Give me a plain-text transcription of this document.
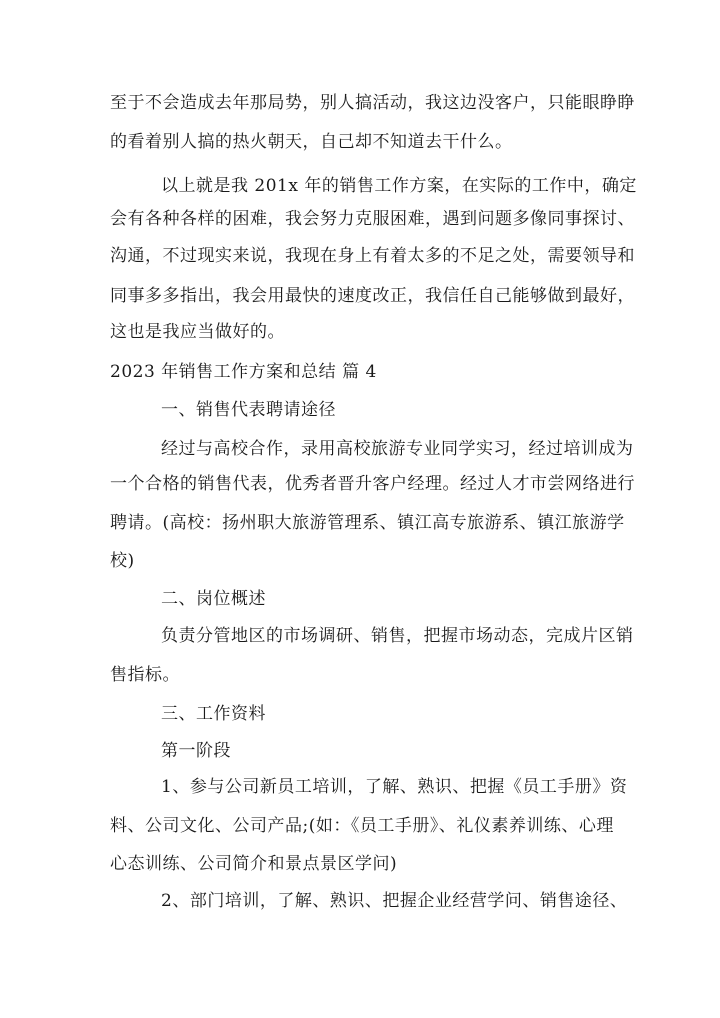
至于不会造成去年那局势，别人搞活动，我这边没客户，只能眼睁睁
的看着别人搞的热火朝天，自己却不知道去干什么。
以上就是我 201x 年的销售工作方案，在实际的工作中，确定
会有各种各样的困难，我会努力克服困难，遇到问题多像同事探讨、
沟通，不过现实来说，我现在身上有着太多的不足之处，需要领导和
同事多多指出，我会用最快的速度改正，我信任自己能够做到最好，
这也是我应当做好的。
2023 年销售工作方案和总结 篇 4
一、销售代表聘请途径
经过与高校合作，录用高校旅游专业同学实习，经过培训成为
一个合格的销售代表，优秀者晋升客户经理。经过人才市尝网络进行
聘请。(高校：扬州职大旅游管理系、镇江高专旅游系、镇江旅游学
校)
二、岗位概述
负责分管地区的市场调研、销售，把握市场动态，完成片区销
售指标。
三、工作资料
第一阶段
1、参与公司新员工培训，了解、熟识、把握《员工手册》资
料、公司文化、公司产品;(如：《员工手册》、礼仪素养训练、心理
心态训练、公司简介和景点景区学问)
2、部门培训，了解、熟识、把握企业经营学问、销售途径、
